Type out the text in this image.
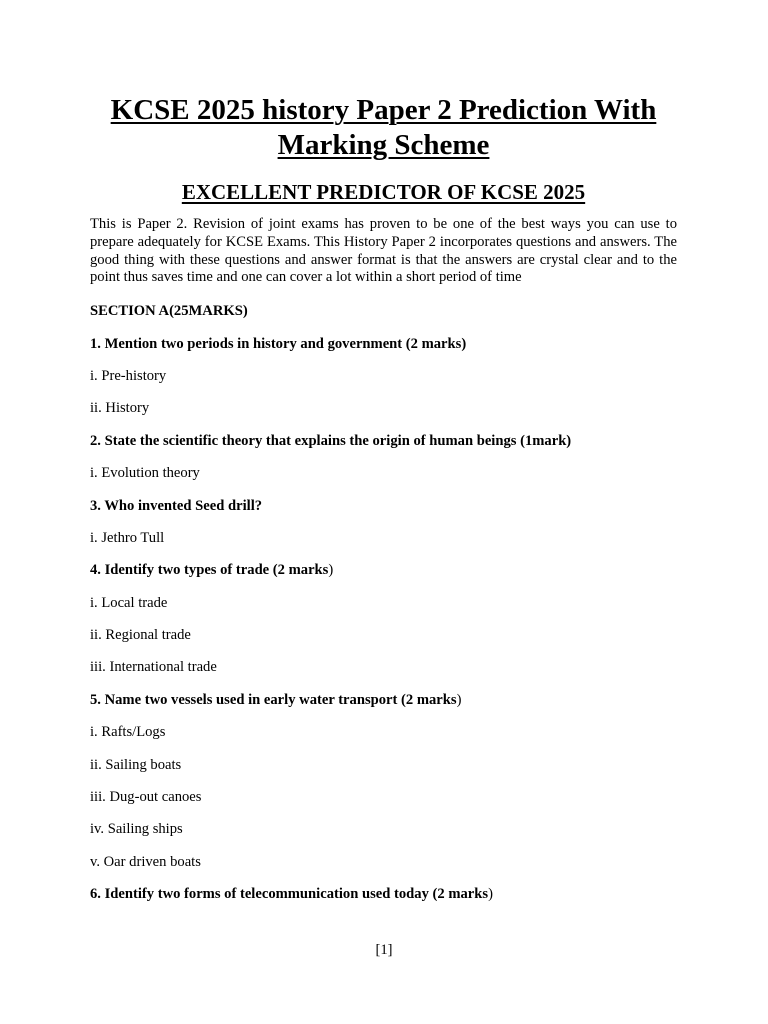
KCSE 2025 history Paper 2 Prediction With Marking Scheme
EXCELLENT PREDICTOR OF KCSE 2025

This is Paper 2. Revision of joint exams has proven to be one of the best ways you can use to prepare adequately for KCSE Exams. This History Paper 2 incorporates questions and answers. The good thing with these questions and answer format is that the answers are crystal clear and to the point thus saves time and one can cover a lot within a short period of time

SECTION A(25MARKS)

1. Mention two periods in history and government (2 marks)

i. Pre-history

ii. History

2. State the scientific theory that explains the origin of human beings (1mark)

i. Evolution theory

3. Who invented Seed drill?

i. Jethro Tull

4. Identify two types of trade (2 marks)

i. Local trade

ii. Regional trade

iii. International trade

5. Name two vessels used in early water transport (2 marks)

i. Rafts/Logs

ii. Sailing boats

iii. Dug-out canoes

iv. Sailing ships

v. Oar driven boats

6. Identify two forms of telecommunication used today (2 marks)

[1]
